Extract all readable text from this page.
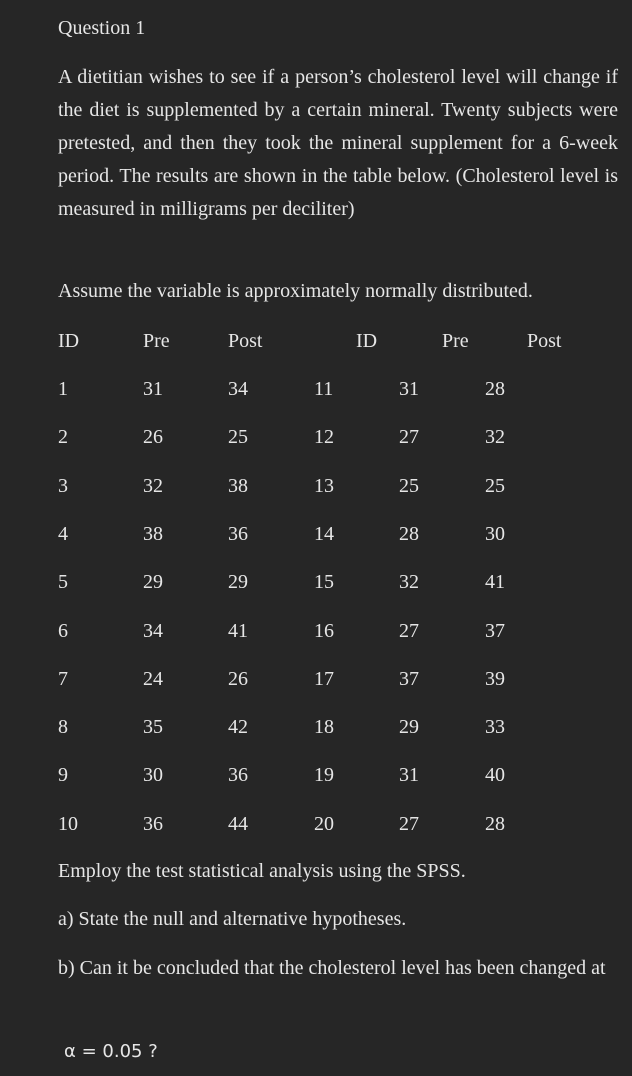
Question 1

A dietitian wishes to see if a person’s cholesterol level will change if the diet is supplemented by a certain mineral. Twenty subjects were pretested, and then they took the mineral supplement for a 6-week period. The results are shown in the table below. (Cholesterol level is measured in milligrams per deciliter)

Assume the variable is approximately normally distributed.

ID	Pre	Post	ID	Pre	Post
1	31	34	11	31	28
2	26	25	12	27	32
3	32	38	13	25	25
4	38	36	14	28	30
5	29	29	15	32	41
6	34	41	16	27	37
7	24	26	17	37	39
8	35	42	18	29	33
9	30	36	19	31	40
10	36	44	20	27	28

Employ the test statistical analysis using the SPSS.

a) State the null and alternative hypotheses.

b) Can it be concluded that the cholesterol level has been changed at

α = 0.05 ?
